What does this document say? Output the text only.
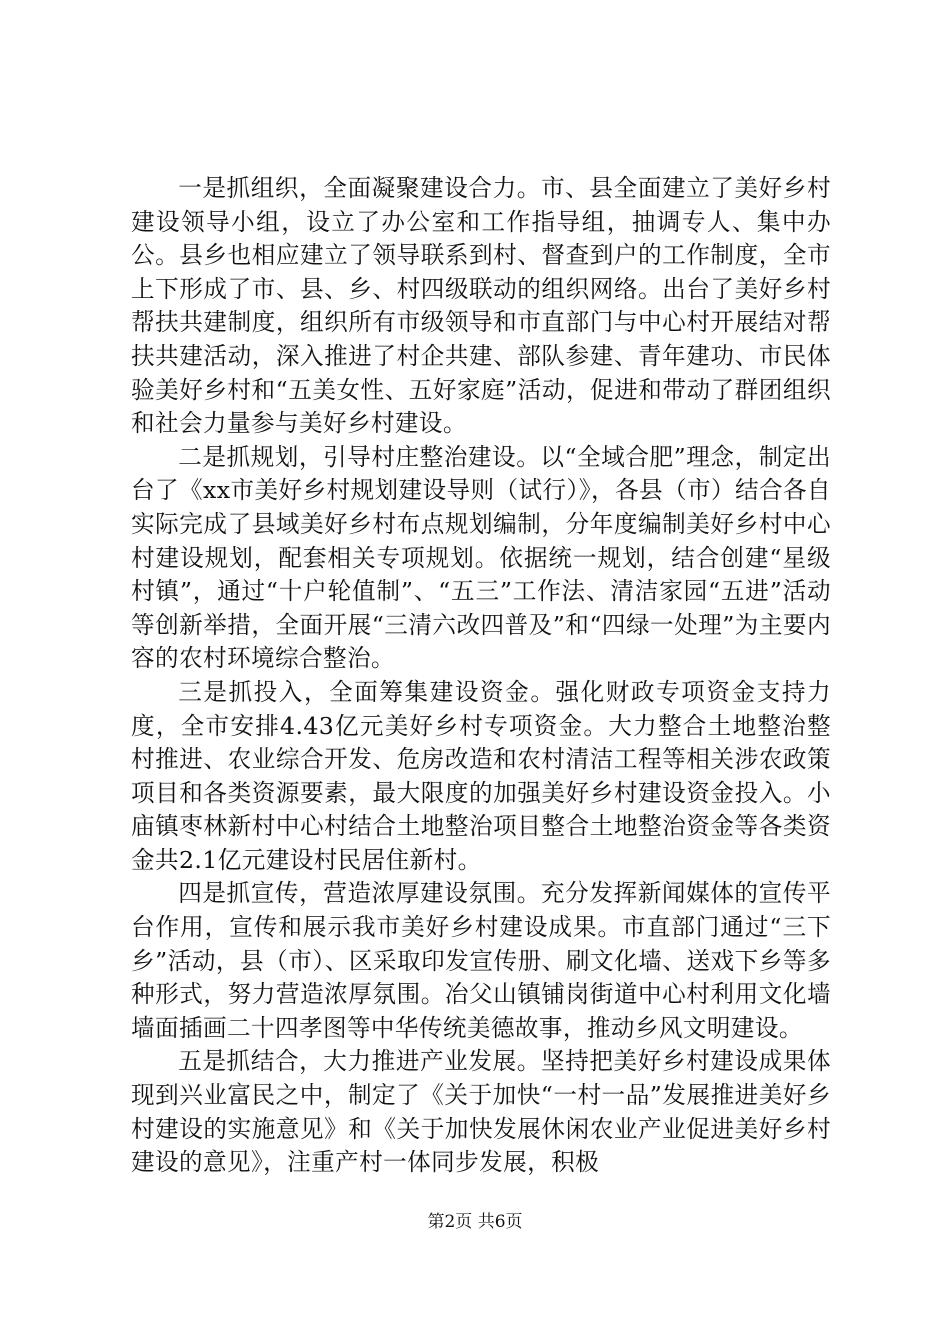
一是抓组织，全面凝聚建设合力。市、县全面建立了美好乡村建设领导小组，设立了办公室和工作指导组，抽调专人、集中办公。县乡也相应建立了领导联系到村、督查到户的工作制度，全市上下形成了市、县、乡、村四级联动的组织网络。出台了美好乡村帮扶共建制度，组织所有市级领导和市直部门与中心村开展结对帮扶共建活动，深入推进了村企共建、部队参建、青年建功、市民体验美好乡村和“五美女性、五好家庭”活动，促进和带动了群团组织和社会力量参与美好乡村建设。

二是抓规划，引导村庄整治建设。以“全域合肥”理念，制定出台了《xx市美好乡村规划建设导则（试行）》，各县（市）结合各自实际完成了县域美好乡村布点规划编制，分年度编制美好乡村中心村建设规划，配套相关专项规划。依据统一规划，结合创建“星级村镇”，通过“十户轮值制”、“五三”工作法、清洁家园“五进”活动等创新举措，全面开展“三清六改四普及”和“四绿一处理”为主要内容的农村环境综合整治。

三是抓投入，全面筹集建设资金。强化财政专项资金支持力度，全市安排4.43亿元美好乡村专项资金。大力整合土地整治整村推进、农业综合开发、危房改造和农村清洁工程等相关涉农政策项目和各类资源要素，最大限度的加强美好乡村建设资金投入。小庙镇枣林新村中心村结合土地整治项目整合土地整治资金等各类资金共2.1亿元建设村民居住新村。

四是抓宣传，营造浓厚建设氛围。充分发挥新闻媒体的宣传平台作用，宣传和展示我市美好乡村建设成果。市直部门通过“三下乡”活动，县（市）、区采取印发宣传册、刷文化墙、送戏下乡等多种形式，努力营造浓厚氛围。冶父山镇铺岗街道中心村利用文化墙墙面插画二十四孝图等中华传统美德故事，推动乡风文明建设。

五是抓结合，大力推进产业发展。坚持把美好乡村建设成果体现到兴业富民之中，制定了《关于加快“一村一品”发展推进美好乡村建设的实施意见》和《关于加快发展休闲农业产业促进美好乡村建设的意见》，注重产村一体同步发展，积极

第2页 共6页
